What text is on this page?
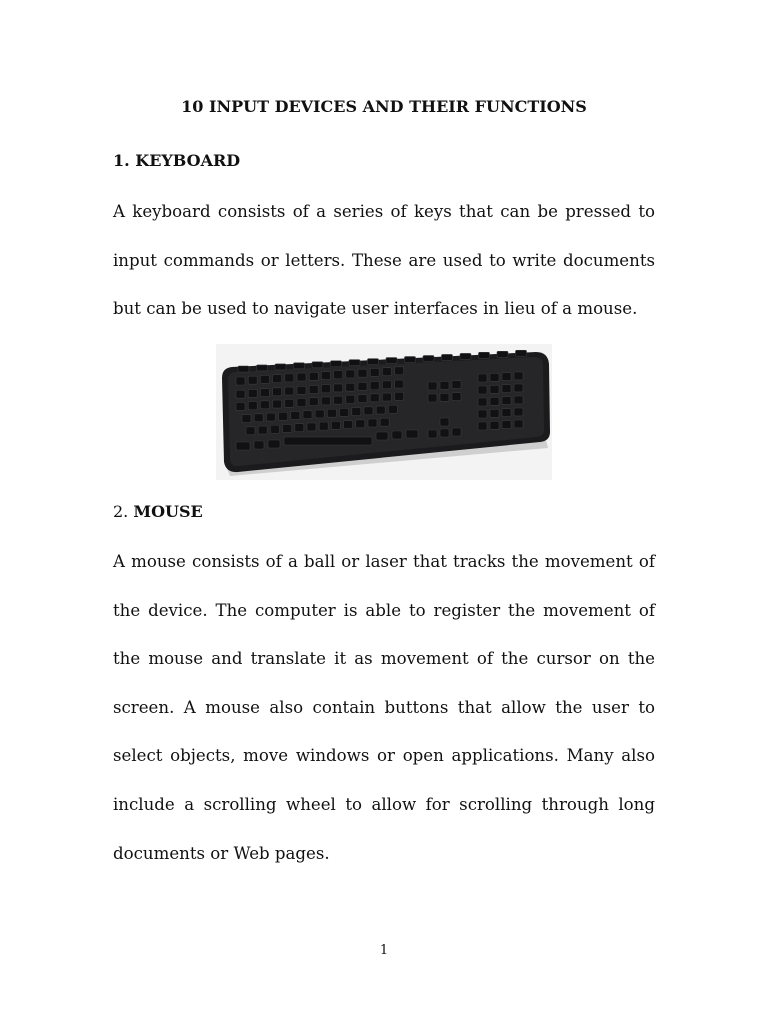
10 INPUT DEVICES AND THEIR FUNCTIONS
1. KEYBOARD

A keyboard consists of a series of keys that can be pressed to
input commands or letters. These are used to write documents
but can be used to navigate user interfaces in lieu of a mouse.

2. MOUSE

A mouse consists of a ball or laser that tracks the movement of
the device. The computer is able to register the movement of
the mouse and translate it as movement of the cursor on the
screen. A mouse also contain buttons that allow the user to
select objects, move windows or open applications. Many also
include a scrolling wheel to allow for scrolling through long
documents or Web pages.

1
